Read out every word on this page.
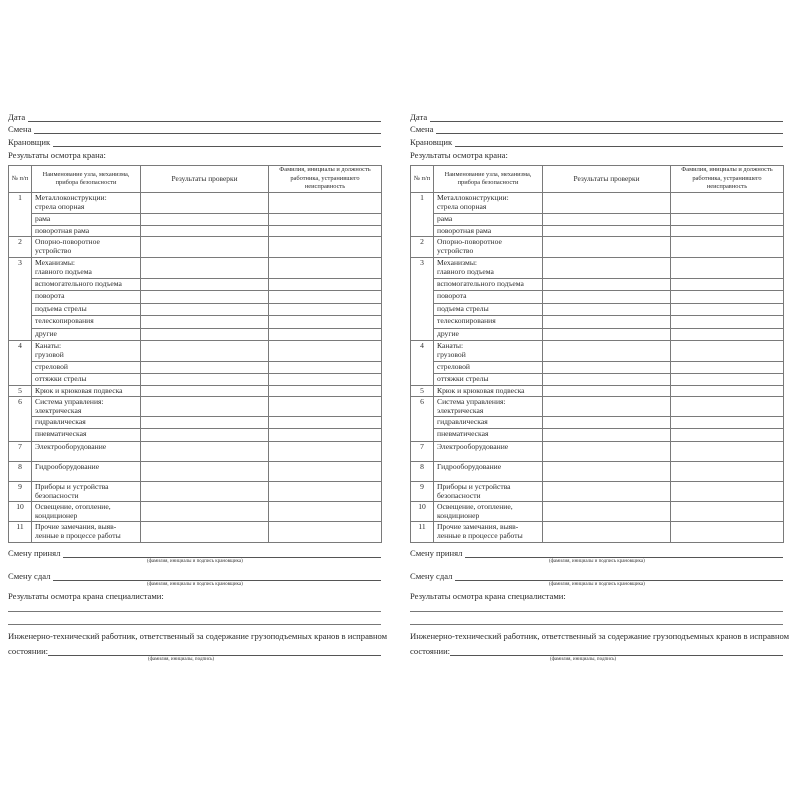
Дата
Смена
Крановщик
Результаты осмотра крана:
№ п/п	Наименование узла, механизма, прибора безопасности	Результаты проверки	Фамилия, инициалы и должность работника, устранившего неисправность
1	Металлоконструкции:
стрела опорная		

	рама		

	поворотная рама		

2	Опорно-поворотное
устройство		

3	Механизмы:
главного подъема		

	вспомогательного подъема		

	поворота		

	подъема стрелы		

	телескопирования		

	другие		

4	Канаты:
грузовой		

	стреловой		

	оттяжки стрелы		

5	Крюк и крюковая подвеска		

6	Система управления:
электрическая		

	гидравлическая		

	пневматическая		

7	Электрооборудование		

8	Гидрооборудование		

9	Приборы и устройства
безопасности		

10	Освещение, отопление,
кондиционер		

11	Прочие замечания, выяв-
ленные в процессе работы		

Смену принял
(фамилия, инициалы и подпись крановщика)
Смену сдал
(фамилия, инициалы и подпись крановщика)
Результаты осмотра крана специалистами:
Инженерно-технический работник, ответственный за содержание грузоподъемных кранов в исправном
состоянии:
(фамилия, инициалы, подпись)
Дата
Смена
Крановщик
Результаты осмотра крана:
№ п/п	Наименование узла, механизма, прибора безопасности	Результаты проверки	Фамилия, инициалы и должность работника, устранившего неисправность
1	Металлоконструкции:
стрела опорная		

	рама		

	поворотная рама		

2	Опорно-поворотное
устройство		

3	Механизмы:
главного подъема		

	вспомогательного подъема		

	поворота		

	подъема стрелы		

	телескопирования		

	другие		

4	Канаты:
грузовой		

	стреловой		

	оттяжки стрелы		

5	Крюк и крюковая подвеска		

6	Система управления:
электрическая		

	гидравлическая		

	пневматическая		

7	Электрооборудование		

8	Гидрооборудование		

9	Приборы и устройства
безопасности		

10	Освещение, отопление,
кондиционер		

11	Прочие замечания, выяв-
ленные в процессе работы		

Смену принял
(фамилия, инициалы и подпись крановщика)
Смену сдал
(фамилия, инициалы и подпись крановщика)
Результаты осмотра крана специалистами:
Инженерно-технический работник, ответственный за содержание грузоподъемных кранов в исправном
состоянии:
(фамилия, инициалы, подпись)
